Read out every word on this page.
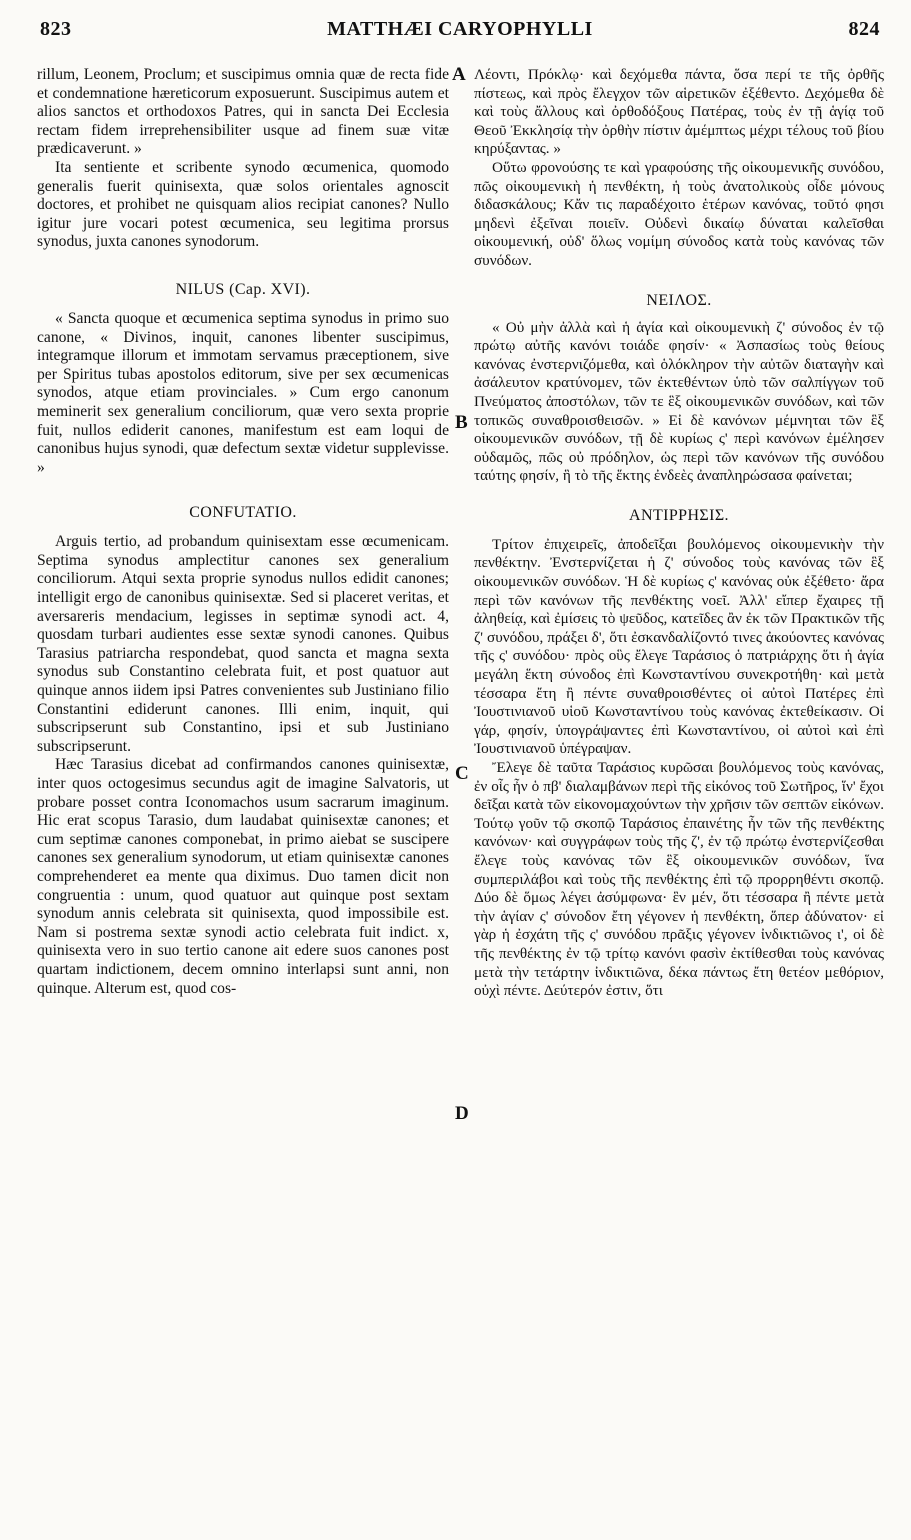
823	MATTHÆI CARYOPHYLLI	824
A
B
C
D

rillum, Leonem, Proclum; et suscipimus omnia quæ de recta fide et condemnatione hæreticorum exposuerunt. Suscipimus autem et alios sanctos et orthodoxos Patres, qui in sancta Dei Ecclesia rectam fidem irreprehensibiliter usque ad finem suæ vitæ prædicaverunt. »

Ita sentiente et scribente synodo œcumenica, quomodo generalis fuerit quinisexta, quæ solos orientales agnoscit doctores, et prohibet ne quisquam alios recipiat canones? Nullo igitur jure vocari potest œcumenica, seu legitima prorsus synodus, juxta canones synodorum.

NILUS (Cap. XVI).

« Sancta quoque et œcumenica septima synodus in primo suo canone, « Divinos, inquit, canones libenter suscipimus, integramque illorum et immotam servamus præceptionem, sive per Spiritus tubas apostolos editorum, sive per sex œcumenicas synodos, atque etiam provinciales. » Cum ergo canonum meminerit sex generalium conciliorum, quæ vero sexta proprie fuit, nullos ediderit canones, manifestum est eam loqui de canonibus hujus synodi, quæ defectum sextæ videtur supplevisse. »

CONFUTATIO.

Arguis tertio, ad probandum quinisextam esse œcumenicam. Septima synodus amplectitur canones sex generalium conciliorum. Atqui sexta proprie synodus nullos edidit canones; intelligit ergo de canonibus quinisextæ. Sed si placeret veritas, et aversareris mendacium, legisses in septimæ synodi act. 4, quosdam turbari audientes esse sextæ synodi canones. Quibus Tarasius patriarcha respondebat, quod sancta et magna sexta synodus sub Constantino celebrata fuit, et post quatuor aut quinque annos iidem ipsi Patres convenientes sub Justiniano filio Constantini ediderunt canones. Illi enim, inquit, qui subscripserunt sub Constantino, ipsi et sub Justiniano subscripserunt.

Hæc Tarasius dicebat ad confirmandos canones quinisextæ, inter quos octogesimus secundus agit de imagine Salvatoris, ut probare posset contra Iconomachos usum sacrarum imaginum. Hic erat scopus Tarasio, dum laudabat quinisextæ canones; et cum septimæ canones componebat, in primo aiebat se suscipere canones sex generalium synodorum, ut etiam quinisextæ canones comprehenderet ea mente qua diximus. Duo tamen dicit non congruentia : unum, quod quatuor aut quinque post sextam synodum annis celebrata sit quinisexta, quod impossibile est. Nam si postrema sextæ synodi actio celebrata fuit indict. x, quinisexta vero in suo tertio canone ait edere suos canones post quartam indictionem, decem omnino interlapsi sunt anni, non quinque. Alterum est, quod cos-

Λέοντι, Πρόκλῳ· καὶ δεχόμεθα πάντα, ὅσα περί τε τῆς ὀρθῆς πίστεως, καὶ πρὸς ἔλεγχον τῶν αἱρετικῶν ἐξέθεντο. Δεχόμεθα δὲ καὶ τοὺς ἄλλους καὶ ὀρθοδόξους Πατέρας, τοὺς ἐν τῇ ἁγίᾳ τοῦ Θεοῦ Ἐκκλησίᾳ τὴν ὀρθὴν πίστιν ἀμέμπτως μέχρι τέλους τοῦ βίου κηρύξαντας. »

Οὕτω φρονούσης τε καὶ γραφούσης τῆς οἰκουμενικῆς συνόδου, πῶς οἰκουμενικὴ ἡ πενθέκτη, ἡ τοὺς ἀνατολικοὺς οἶδε μόνους διδασκάλους; Κἄν τις παραδέχοιτο ἑτέρων κανόνας, τοῦτό φησι μηδενὶ ἐξεῖναι ποιεῖν. Οὐδενὶ δικαίῳ δύναται καλεῖσθαι οἰκουμενική, οὐδ' ὅλως νομίμη σύνοδος κατὰ τοὺς κανόνας τῶν συνόδων.

ΝΕΙΛΟΣ.

« Οὐ μὴν ἀλλὰ καὶ ἡ ἁγία καὶ οἰκουμενικὴ ζ' σύνοδος ἐν τῷ πρώτῳ αὐτῆς κανόνι τοιάδε φησίν· « Ἀσπασίως τοὺς θείους κανόνας ἐνστερνιζόμεθα, καὶ ὁλόκληρον τὴν αὐτῶν διαταγὴν καὶ ἀσάλευτον κρατύνομεν, τῶν ἐκτεθέντων ὑπὸ τῶν σαλπίγγων τοῦ Πνεύματος ἀποστόλων, τῶν τε ἓξ οἰκουμενικῶν συνόδων, καὶ τῶν τοπικῶς συναθροισθεισῶν. » Εἰ δὲ κανόνων μέμνηται τῶν ἓξ οἰκουμενικῶν συνόδων, τῇ δὲ κυρίως ς' περὶ κανόνων ἐμέλησεν οὐδαμῶς, πῶς οὐ πρόδηλον, ὡς περὶ τῶν κανόνων τῆς συνόδου ταύτης φησίν, ἣ τὸ τῆς ἕκτης ἐνδεὲς ἀναπληρώσασα φαίνεται;

ΑΝΤΙΡΡΗΣΙΣ.

Τρίτον ἐπιχειρεῖς, ἀποδεῖξαι βουλόμενος οἰκουμενικὴν τὴν πενθέκτην. Ἐνστερνίζεται ἡ ζ' σύνοδος τοὺς κανόνας τῶν ἓξ οἰκουμενικῶν συνόδων. Ἡ δὲ κυρίως ς' κανόνας οὐκ ἐξέθετο· ἄρα περὶ τῶν κανόνων τῆς πενθέκτης νοεῖ. Ἀλλ' εἴπερ ἔχαιρες τῇ ἀληθείᾳ, καὶ ἐμίσεις τὸ ψεῦδος, κατεῖδες ἂν ἐκ τῶν Πρακτικῶν τῆς ζ' συνόδου, πράξει δ', ὅτι ἐσκανδαλίζοντό τινες ἀκούοντες κανόνας τῆς ς' συνόδου· πρὸς οὓς ἔλεγε Ταράσιος ὁ πατριάρχης ὅτι ἡ ἁγία μεγάλη ἕκτη σύνοδος ἐπὶ Κωνσταντίνου συνεκροτήθη· καὶ μετὰ τέσσαρα ἔτη ἢ πέντε συναθροισθέντες οἱ αὐτοὶ Πατέρες ἐπὶ Ἰουστινιανοῦ υἱοῦ Κωνσταντίνου τοὺς κανόνας ἐκτεθείκασιν. Οἱ γάρ, φησίν, ὑπογράψαντες ἐπὶ Κωνσταντίνου, οἱ αὐτοὶ καὶ ἐπὶ Ἰουστινιανοῦ ὑπέγραψαν.

Ἔλεγε δὲ ταῦτα Ταράσιος κυρῶσαι βουλόμενος τοὺς κανόνας, ἐν οἷς ἦν ὁ πβ' διαλαμβάνων περὶ τῆς εἰκόνος τοῦ Σωτῆρος, ἵν' ἔχοι δεῖξαι κατὰ τῶν εἰκονομαχούντων τὴν χρῆσιν τῶν σεπτῶν εἰκόνων. Τούτῳ γοῦν τῷ σκοπῷ Ταράσιος ἐπαινέτης ἦν τῶν τῆς πενθέκτης κανόνων· καὶ συγγράφων τοὺς τῆς ζ', ἐν τῷ πρώτῳ ἐνστερνίζεσθαι ἔλεγε τοὺς κανόνας τῶν ἓξ οἰκουμενικῶν συνόδων, ἵνα συμπεριλάβοι καὶ τοὺς τῆς πενθέκτης ἐπὶ τῷ προρρηθέντι σκοπῷ. Δύο δὲ ὅμως λέγει ἀσύμφωνα· ἓν μέν, ὅτι τέσσαρα ἢ πέντε μετὰ τὴν ἁγίαν ς' σύνοδον ἔτη γέγονεν ἡ πενθέκτη, ὅπερ ἀδύνατον· εἰ γὰρ ἡ ἐσχάτη τῆς ς' συνόδου πρᾶξις γέγονεν ἰνδικτιῶνος ι', οἱ δὲ τῆς πενθέκτης ἐν τῷ τρίτῳ κανόνι φασὶν ἐκτίθεσθαι τοὺς κανόνας μετὰ τὴν τετάρτην ἰνδικτιῶνα, δέκα πάντως ἔτη θετέον μεθόριον, οὐχὶ πέντε. Δεύτερόν ἐστιν, ὅτι
